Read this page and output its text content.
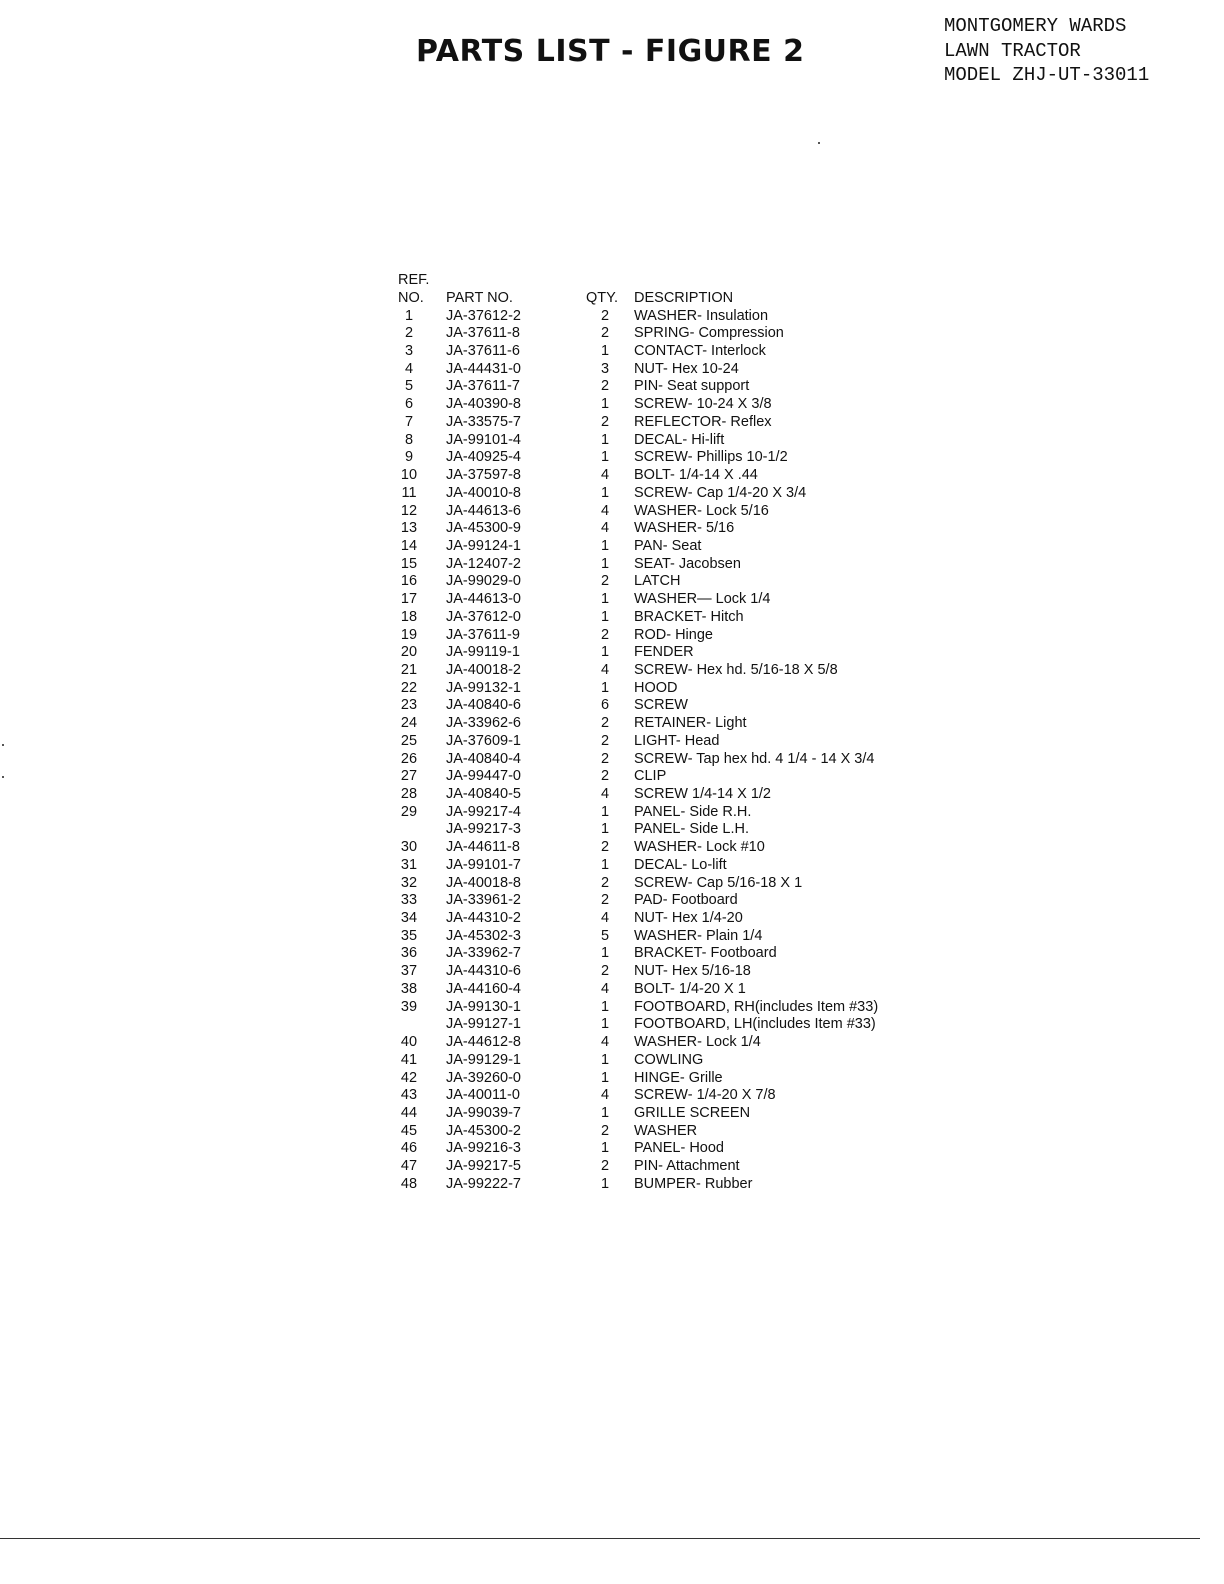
PARTS LIST - FIGURE 2
MONTGOMERY WARDS
LAWN TRACTOR
MODEL ZHJ-UT-33011
REF.
NO. PART NO.	QTY. DESCRIPTION
1	JA-37612-2	2	WASHER- Insulation
2	JA-37611-8	2	SPRING- Compression
3	JA-37611-6	1	CONTACT- Interlock
4	JA-44431-0	3	NUT- Hex 10-24
5	JA-37611-7	2	PIN- Seat support
6	JA-40390-8	1	SCREW- 10-24 X 3/8
7	JA-33575-7	2	REFLECTOR- Reflex
8	JA-99101-4	1	DECAL- Hi-lift
9	JA-40925-4	1	SCREW- Phillips 10-1/2
10 JA-37597-8	4	BOLT- 1/4-14 X .44
11 JA-40010-8	1	SCREW- Cap 1/4-20 X 3/4
12 JA-44613-6	4	WASHER- Lock 5/16
13 JA-45300-9	4	WASHER- 5/16
14 JA-99124-1	1	PAN- Seat
15 JA-12407-2	1	SEAT- Jacobsen
16 JA-99029-0	2	LATCH
17 JA-44613-0	1	WASHER— Lock 1/4
18 JA-37612-0	1	BRACKET- Hitch
19 JA-37611-9	2	ROD- Hinge
20 JA-99119-1	1	FENDER
21 JA-40018-2	4	SCREW- Hex hd. 5/16-18 X 5/8
22 JA-99132-1	1	HOOD
23 JA-40840-6	6	SCREW
24 JA-33962-6	2	RETAINER- Light
25 JA-37609-1	2	LIGHT- Head
26 JA-40840-4	2	SCREW- Tap hex hd. 4 1/4 - 14 X 3/4
27 JA-99447-0	2	CLIP
28 JA-40840-5	4	SCREW 1/4-14 X 1/2
29 JA-99217-4	1	PANEL- Side R.H.
JA-99217-3	1	PANEL- Side L.H.
30 JA-44611-8	2	WASHER- Lock #10
31 JA-99101-7	1	DECAL- Lo-lift
32 JA-40018-8	2	SCREW- Cap 5/16-18 X 1
33 JA-33961-2	2	PAD- Footboard
34 JA-44310-2	4	NUT- Hex 1/4-20
35 JA-45302-3	5	WASHER- Plain 1/4
36 JA-33962-7	1	BRACKET- Footboard
37 JA-44310-6	2	NUT- Hex 5/16-18
38 JA-44160-4	4	BOLT- 1/4-20 X 1
39 JA-99130-1	1	FOOTBOARD, RH(includes Item #33)
JA-99127-1	1	FOOTBOARD, LH(includes Item #33)
40 JA-44612-8	4	WASHER- Lock 1/4
41 JA-99129-1	1	COWLING
42 JA-39260-0	1	HINGE- Grille
43 JA-40011-0	4	SCREW- 1/4-20 X 7/8
44 JA-99039-7	1	GRILLE SCREEN
45 JA-45300-2	2	WASHER
46 JA-99216-3	1	PANEL- Hood
47 JA-99217-5	2	PIN- Attachment
48 JA-99222-7	1	BUMPER- Rubber
